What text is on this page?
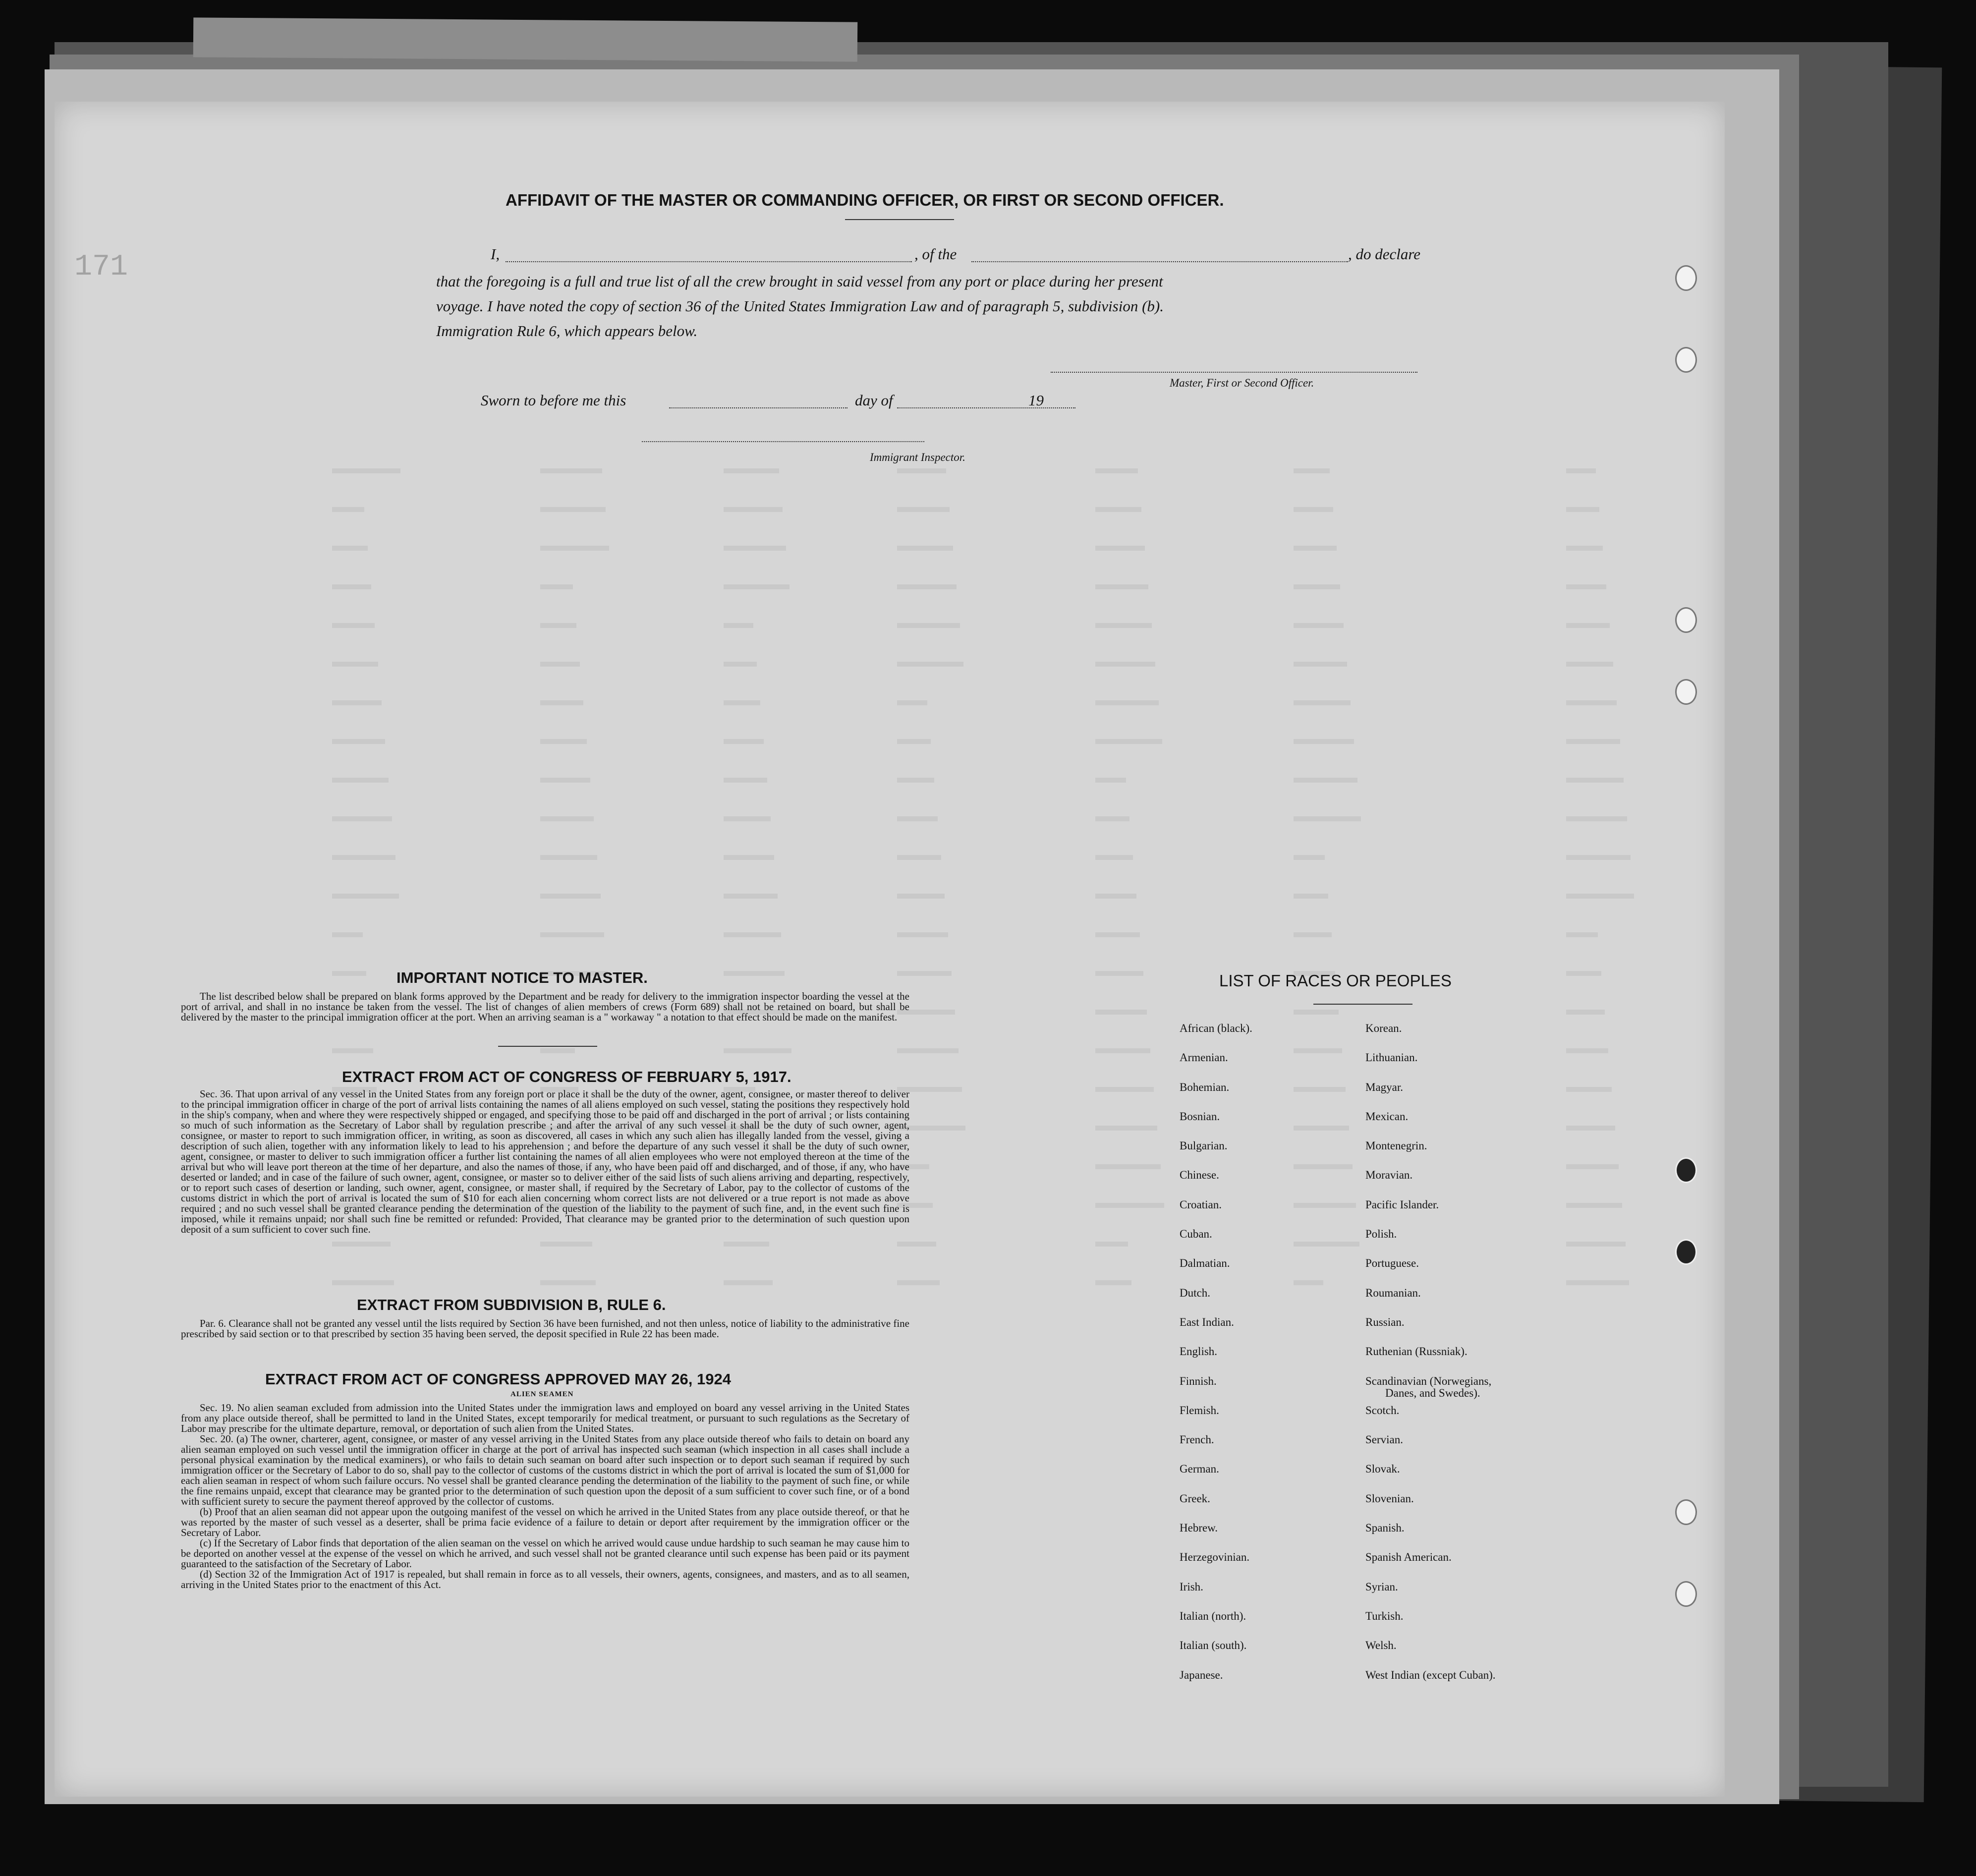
171
AFFIDAVIT OF THE MASTER OR COMMANDING OFFICER, OR FIRST OR SECOND OFFICER.
I,	, of the	, do declare
that the foregoing is a full and true list of all the crew brought in said vessel from any port or place during her present
voyage. I have noted the copy of section 36 of the United States Immigration Law and of paragraph 5, subdivision (b).
Immigration Rule 6, which appears below.
Master, First or Second Officer.
Sworn to before me this	day of	19
Immigrant Inspector.
IMPORTANT NOTICE TO MASTER.

The list described below shall be prepared on blank forms approved by the Department and be ready for delivery to the immigration inspector boarding the vessel at the port of arrival, and shall in no instance be taken from the vessel. The list of changes of alien members of crews (Form 689) shall not be retained on board, but shall be delivered by the master to the principal immigration officer at the port. When an arriving seaman is a " workaway " a notation to that effect should be made on the manifest.

EXTRACT FROM ACT OF CONGRESS OF FEBRUARY 5, 1917.

Sec. 36. That upon arrival of any vessel in the United States from any foreign port or place it shall be the duty of the owner, agent, consignee, or master thereof to deliver to the principal immigration officer in charge of the port of arrival lists containing the names of all aliens employed on such vessel, stating the positions they respectively hold in the ship's company, when and where they were respectively shipped or engaged, and specifying those to be paid off and discharged in the port of arrival ; or lists containing so much of such information as the Secretary of Labor shall by regulation prescribe ; and after the arrival of any such vessel it shall be the duty of such owner, agent, consignee, or master to report to such immigration officer, in writing, as soon as discovered, all cases in which any such alien has illegally landed from the vessel, giving a description of such alien, together with any information likely to lead to his apprehension ; and before the departure of any such vessel it shall be the duty of such owner, agent, consignee, or master to deliver to such immigration officer a further list containing the names of all alien employees who were not employed thereon at the time of the arrival but who will leave port thereon at the time of her departure, and also the names of those, if any, who have been paid off and discharged, and of those, if any, who have deserted or landed; and in case of the failure of such owner, agent, consignee, or master so to deliver either of the said lists of such aliens arriving and departing, respectively, or to report such cases of desertion or landing, such owner, agent, consignee, or master shall, if required by the Secretary of Labor, pay to the collector of customs of the customs district in which the port of arrival is located the sum of $10 for each alien concerning whom correct lists are not delivered or a true report is not made as above required ; and no such vessel shall be granted clearance pending the determination of the question of the liability to the payment of such fine, and, in the event such fine is imposed, while it remains unpaid; nor shall such fine be remitted or refunded: Provided, That clearance may be granted prior to the determination of such question upon deposit of a sum sufficient to cover such fine.

EXTRACT FROM SUBDIVISION B, RULE 6.

Par. 6. Clearance shall not be granted any vessel until the lists required by Section 36 have been furnished, and not then unless, notice of liability to the administrative fine prescribed by said section or to that prescribed by section 35 having been served, the deposit specified in Rule 22 has been made.

EXTRACT FROM ACT OF CONGRESS APPROVED MAY 26, 1924
ALIEN SEAMEN

Sec. 19. No alien seaman excluded from admission into the United States under the immigration laws and employed on board any vessel arriving in the United States from any place outside thereof, shall be permitted to land in the United States, except temporarily for medical treatment, or pursuant to such regulations as the Secretary of Labor may prescribe for the ultimate departure, removal, or deportation of such alien from the United States.

Sec. 20. (a) The owner, charterer, agent, consignee, or master of any vessel arriving in the United States from any place outside thereof who fails to detain on board any alien seaman employed on such vessel until the immigration officer in charge at the port of arrival has inspected such seaman (which inspection in all cases shall include a personal physical examination by the medical examiners), or who fails to detain such seaman on board after such inspection or to deport such seaman if required by such immigration officer or the Secretary of Labor to do so, shall pay to the collector of customs of the customs district in which the port of arrival is located the sum of $1,000 for each alien seaman in respect of whom such failure occurs. No vessel shall be granted clearance pending the determination of the liability to the payment of such fine, or while the fine remains unpaid, except that clearance may be granted prior to the determination of such question upon the deposit of a sum sufficient to cover such fine, or of a bond with sufficient surety to secure the payment thereof approved by the collector of customs.

(b) Proof that an alien seaman did not appear upon the outgoing manifest of the vessel on which he arrived in the United States from any place outside thereof, or that he was reported by the master of such vessel as a deserter, shall be prima facie evidence of a failure to detain or deport after requirement by the immigration officer or the Secretary of Labor.

(c) If the Secretary of Labor finds that deportation of the alien seaman on the vessel on which he arrived would cause undue hardship to such seaman he may cause him to be deported on another vessel at the expense of the vessel on which he arrived, and such vessel shall not be granted clearance until such expense has been paid or its payment guaranteed to the satisfaction of the Secretary of Labor.

(d) Section 32 of the Immigration Act of 1917 is repealed, but shall remain in force as to all vessels, their owners, agents, consignees, and masters, and as to all seamen, arriving in the United States prior to the enactment of this Act.

LIST OF RACES OR PEOPLES
African (black).
Armenian.
Bohemian.
Bosnian.
Bulgarian.
Chinese.
Croatian.
Cuban.
Dalmatian.
Dutch.
East Indian.
English.
Finnish.
Flemish.
French.
German.
Greek.
Hebrew.
Herzegovinian.
Irish.
Italian (north).
Italian (south).
Japanese.
Korean.
Lithuanian.
Magyar.
Mexican.
Montenegrin.
Moravian.
Pacific Islander.
Polish.
Portuguese.
Roumanian.
Russian.
Ruthenian (Russniak).
Scandinavian (Norwegians,
Danes, and Swedes).
Scotch.
Servian.
Slovak.
Slovenian.
Spanish.
Spanish American.
Syrian.
Turkish.
Welsh.
West Indian (except Cuban).
